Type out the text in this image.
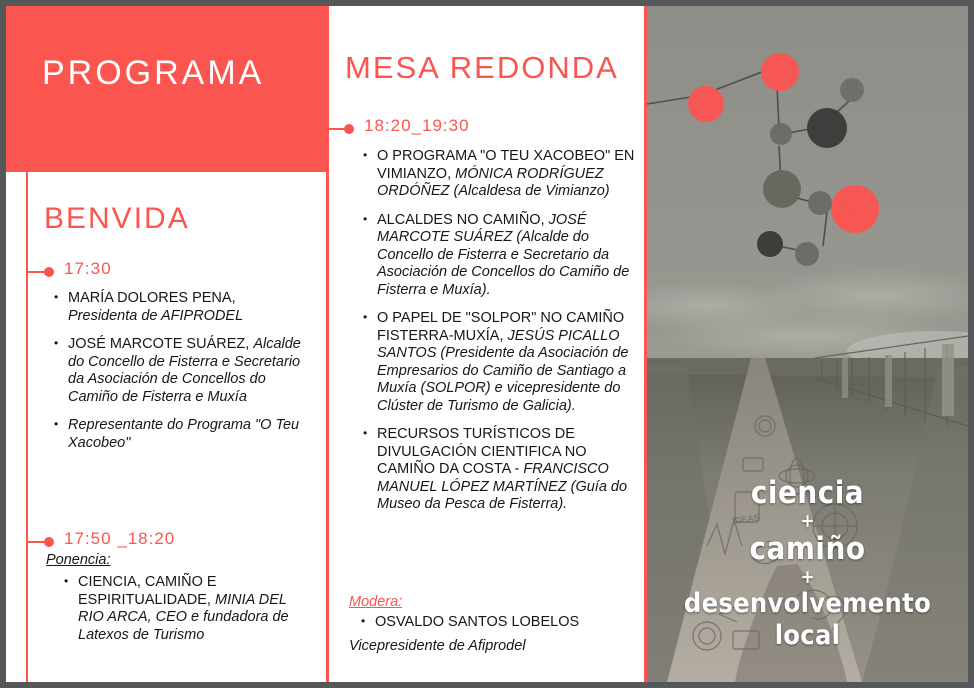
PROGRAMA
BENVIDA
17:30
• MARÍA DOLORES PENA, Presidenta de AFIPRODEL
• JOSÉ MARCOTE SUÁREZ, Alcalde do Concello de Fisterra e Secretario da Asociación de Concellos do Camiño de Fisterra e Muxía
• Representante do Programa "O Teu Xacobeo"
17:50 _18:20
Ponencia:
• CIENCIA, CAMIÑO E ESPIRITUALIDADE, MINIA DEL RIO ARCA, CEO e fundadora de Latexos de Turismo
MESA REDONDA
18:20_19:30
• O PROGRAMA "O TEU XACOBEO" EN VIMIANZO, MÓNICA RODRÍGUEZ ORDÓÑEZ (Alcaldesa de Vimianzo)
• ALCALDES NO CAMIÑO, JOSÉ MARCOTE SUÁREZ (Alcalde do Concello de Fisterra e Secretario da Asociación de Concellos do Camiño de Fisterra e Muxía).
• O PAPEL DE "SOLPOR" NO CAMIÑO FISTERRA-MUXÍA, JESÚS PICALLO SANTOS (Presidente da Asociación de Empresarios do Camiño de Santiago a Muxía (SOLPOR) e vicepresidente do Clúster de Turismo de Galicia).
• RECURSOS TURÍSTICOS DE DIVULGACIÓN CIENTIFICA NO CAMIÑO DA COSTA - FRANCISCO MANUEL LÓPEZ MARTÍNEZ (Guía do Museo da Pesca de Fisterra).
Modera:
• OSVALDO SANTOS LOBELOS
Vicepresidente de Afiprodel
IDEAS
ciencia
+
camiño
+
desenvolvemento local
